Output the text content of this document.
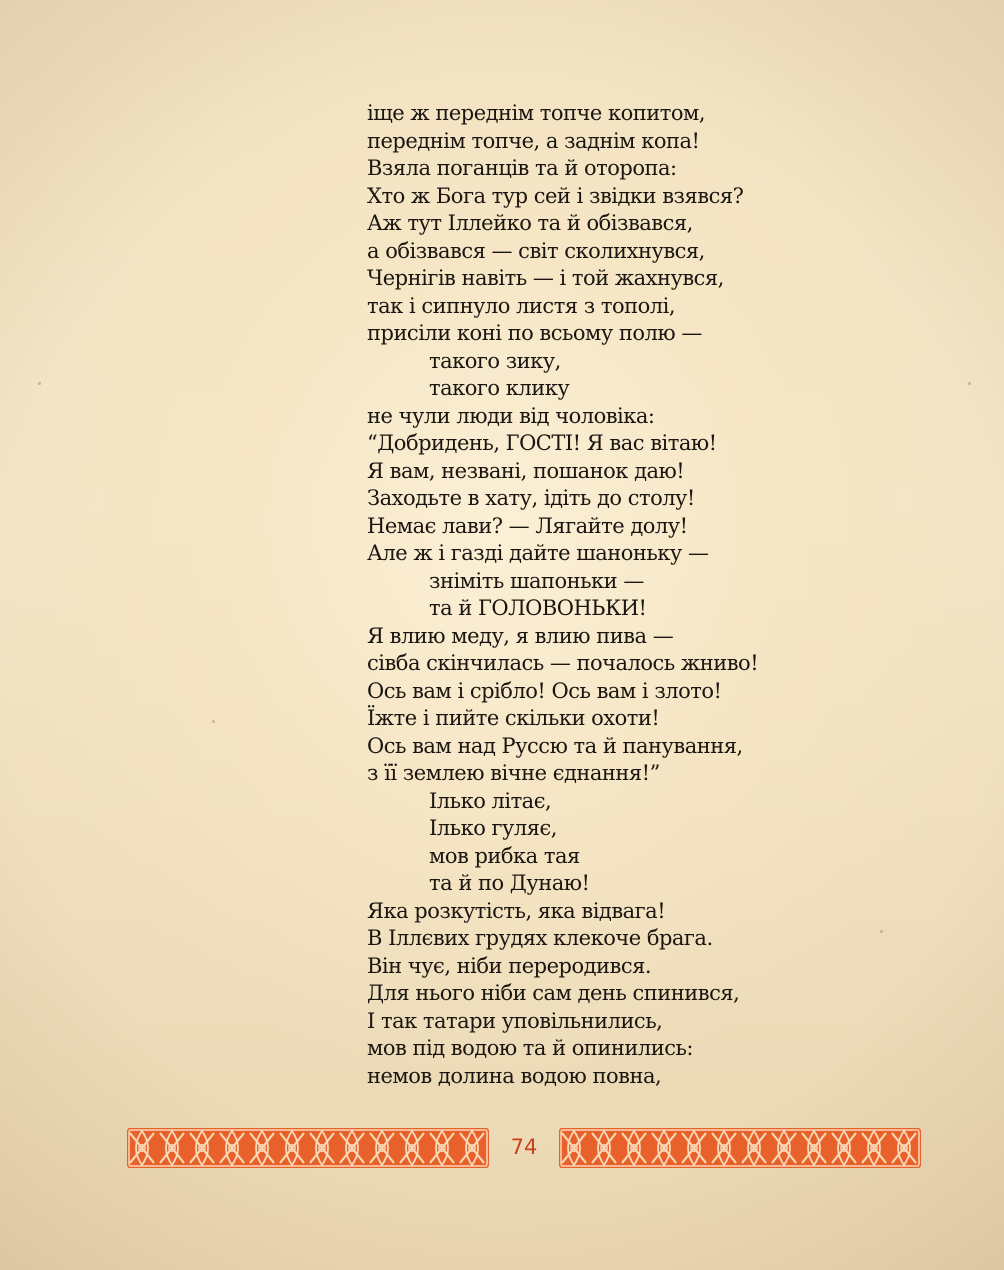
іще ж переднім топче копитом,
переднім топче, а заднім копа!
Взяла поганців та й оторопа:
Хто ж Бога тур сей і звідки взявся?
Аж тут Іллейко та й обізвався,
а обізвався — світ сколихнувся,
Чернігів навіть — і той жахнувся,
так і сипнуло листя з тополі,
присіли коні по всьому полю —
такого зику,
такого клику
не чули люди від чоловіка:
“Добридень, ГОСТІ! Я вас вітаю!
Я вам, незвані, пошанок даю!
Заходьте в хату, ідіть до столу!
Немає лави? — Лягайте долу!
Але ж і газді дайте шаноньку —
зніміть шапоньки —
та й ГОЛОВОНЬКИ!
Я влию меду, я влию пива —
сівба скінчилась — почалось жниво!
Ось вам і срібло! Ось вам і злото!
Їжте і пийте скільки охоти!
Ось вам над Руссю та й панування,
з її землею вічне єднання!”
Ілько літає,
Ілько гуляє,
мов рибка тая
та й по Дунаю!
Яка розкутість, яка відвага!
В Іллєвих грудях клекоче брага.
Він чує, ніби переродився.
Для нього ніби сам день спинився,
І так татари уповільнились,
мов під водою та й опинились:
немов долина водою повна,
74
